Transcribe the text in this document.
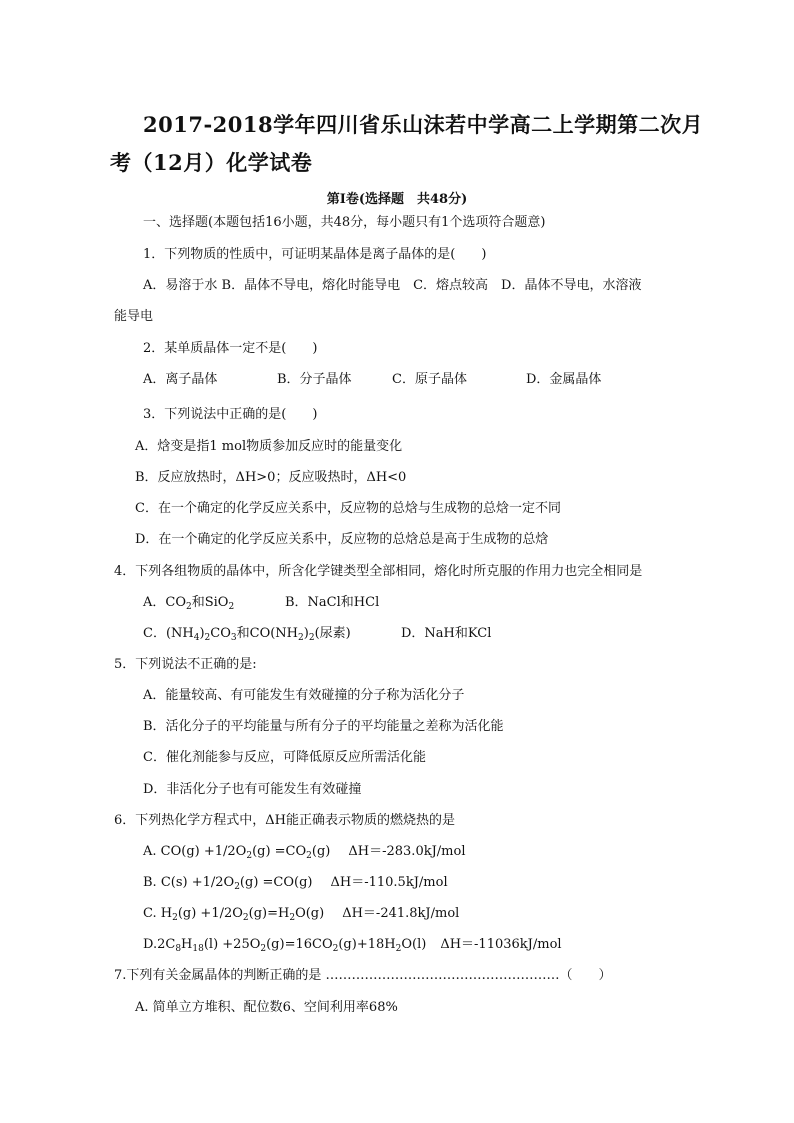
2017-2018学年四川省乐山沫若中学高二上学期第二次月
考（12月）化学试卷
第Ⅰ卷(选择题　共48分)
一、选择题(本题包括16小题，共48分，每小题只有1个选项符合题意)
1．下列物质的性质中，可证明某晶体是离子晶体的是(　　)
A．易溶于水 B．晶体不导电，熔化时能导电　C．熔点较高　D．晶体不导电，水溶液
能导电
2．某单质晶体一定不是(　　)
A．离子晶体	B．分子晶体	C．原子晶体	D．金属晶体
3．下列说法中正确的是(　　)
A．焓变是指1 mol物质参加反应时的能量变化
B．反应放热时，ΔH>0；反应吸热时，ΔH<0
C．在一个确定的化学反应关系中，反应物的总焓与生成物的总焓一定不同
D．在一个确定的化学反应关系中，反应物的总焓总是高于生成物的总焓
4．下列各组物质的晶体中，所含化学键类型全部相同，熔化时所克服的作用力也完全相同是
A．$CO_2$和SiO$_2$	B．NaCl和HCl
C．$(NH_4)_2CO_3$和$CO(NH_2)_2$(尿素)	D．NaH和KCl
5．下列说法不正确的是:
A．能量较高、有可能发生有效碰撞的分子称为活化分子
B．活化分子的平均能量与所有分子的平均能量之差称为活化能
C．催化剂能参与反应，可降低原反应所需活化能
D．非活化分子也有可能发生有效碰撞
6．下列热化学方程式中，ΔH能正确表示物质的燃烧热的是
A. $CO(g) +1/2O_2(g) =CO_2(g)$ ΔH＝-283.0kJ/mol
B. $C(s) +1/2O_2(g) =CO(g)$ ΔH＝-110.5kJ/mol
C. $H_2(g) +1/2O_2(g)=H_2O(g)$ ΔH＝-241.8kJ/mol
$D.2C_8H_{18}(l) +25O_2(g)=16CO_2(g)+18H_2O(l)$ ΔH＝-11036kJ/mol
7.下列有关金属晶体的判断正确的是 ………………………………………………（　　）
A. 简单立方堆积、配位数6、空间利用率68%
